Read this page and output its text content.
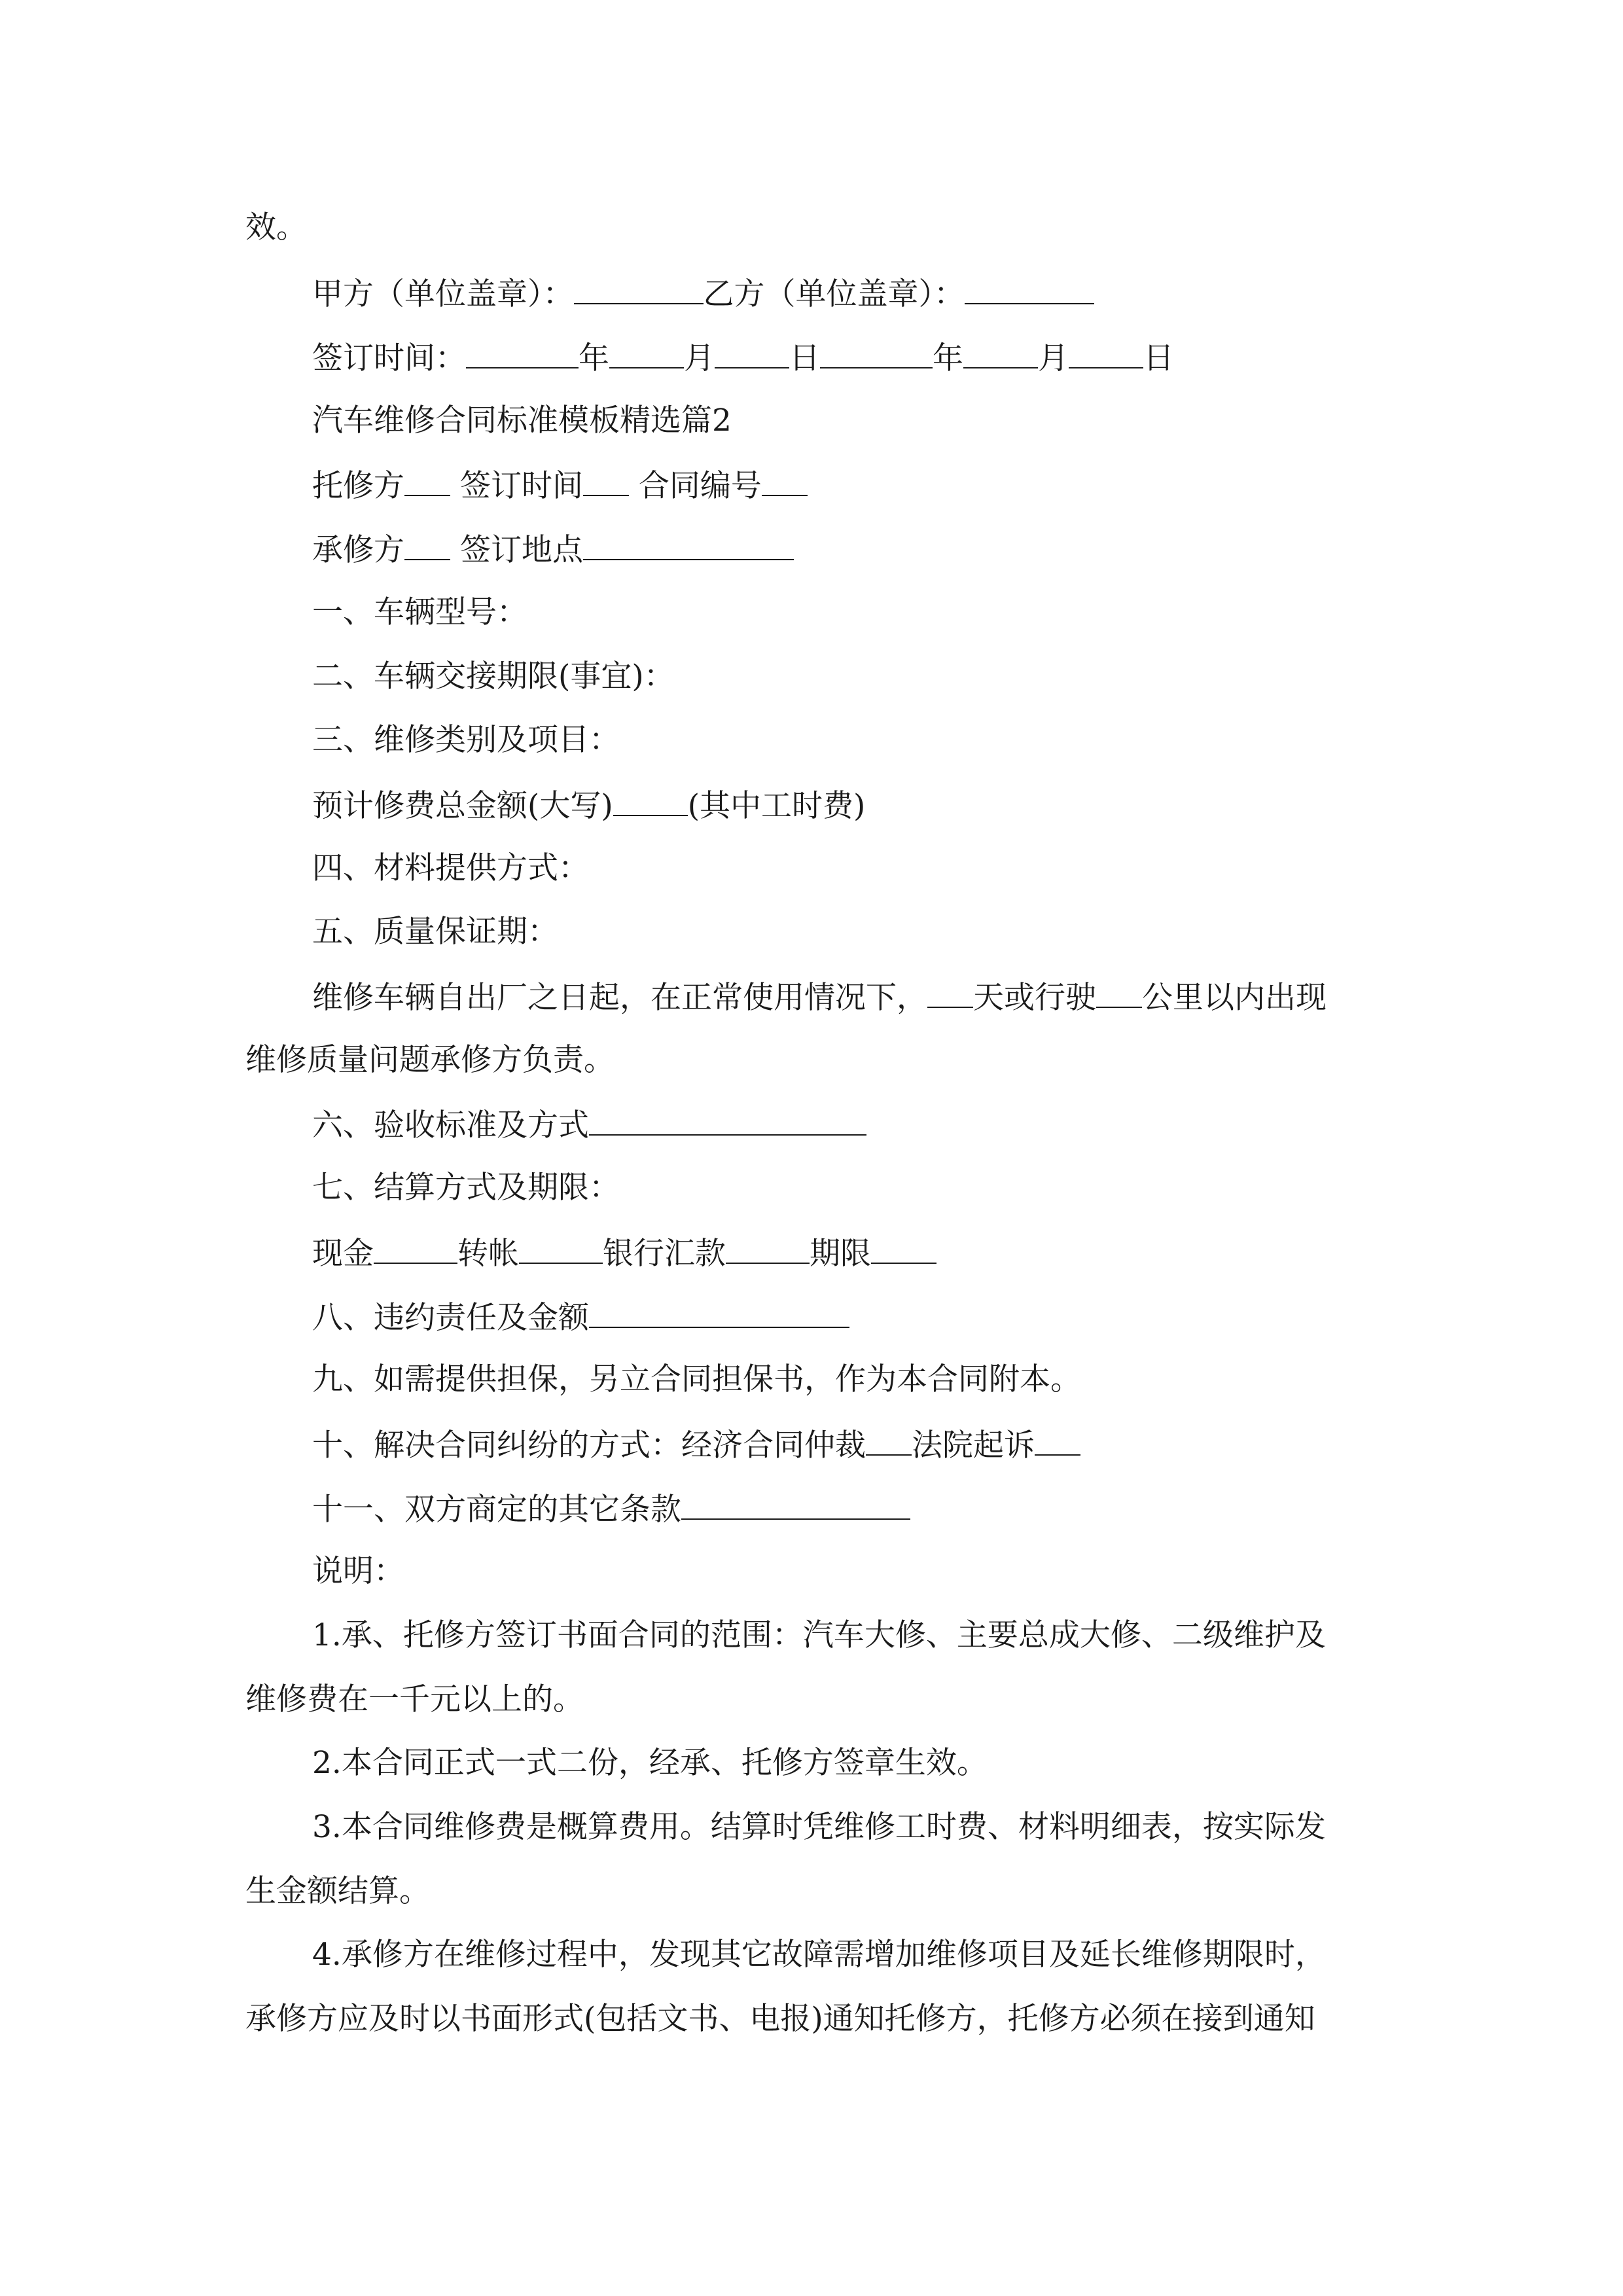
效。
甲方（单位盖章）：	乙方（单位盖章）：
签订时间：	年 月 日	年 月 日
汽车维修合同标准模板精选篇2
托修方 签订时间 合同编号
承修方 签订地点
一、车辆型号：
二、车辆交接期限(事宜)：
三、维修类别及项目：
预计修费总金额(大写) (其中工时费)
四、材料提供方式：
五、质量保证期：
维修车辆自出厂之日起，在正常使用情况下， 天或行驶 公里以内出现
维修质量问题承修方负责。
六、验收标准及方式
七、结算方式及期限：
现金	转帐	银行汇款	期限
八、违约责任及金额
九、如需提供担保，另立合同担保书，作为本合同附本。
十、解决合同纠纷的方式：经济合同仲裁 法院起诉
十一、双方商定的其它条款
说明：
1.承、托修方签订书面合同的范围：汽车大修、主要总成大修、二级维护及
维修费在一千元以上的。
2.本合同正式一式二份，经承、托修方签章生效。
3.本合同维修费是概算费用。结算时凭维修工时费、材料明细表，按实际发
生金额结算。
4.承修方在维修过程中，发现其它故障需增加维修项目及延长维修期限时，
承修方应及时以书面形式(包括文书、电报)通知托修方，托修方必须在接到通知
